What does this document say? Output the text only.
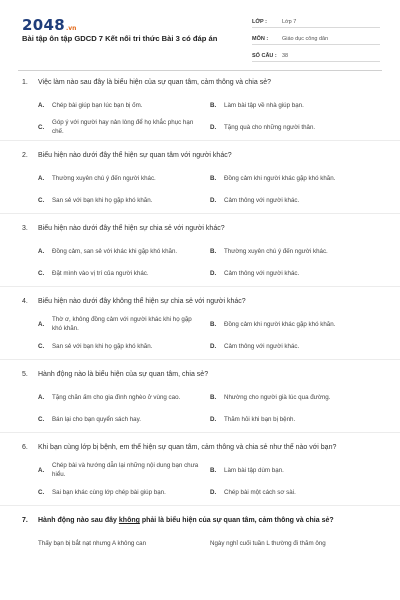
2048 .vn
Bài tập ôn tập GDCD 7 Kết nối tri thức Bài 3 có đáp án
LỚP :	Lớp 7
MÔN :	Giáo dục công dân
SỐ CÂU : 38
1.	Việc làm nào sau đây là biểu hiện của sự quan tâm, cảm thông và chia sẻ?
A.	Chép bài giúp bạn lúc bạn bị ốm.	B.	Làm bài tập về nhà giúp bạn.
C.
Góp ý với người hay nản lòng để họ khắc phục hạn chế.
D.	Tặng quà cho những người thân.
2.	Biểu hiện nào dưới đây thể hiện sự quan tâm với người khác?
A.	Thường xuyên chú ý đến người khác.	B.	Đồng cảm khi người khác gặp khó khăn.
C.	San sẻ với bạn khi họ gặp khó khăn.	D.	Cảm thông với người khác.
3.	Biểu hiện nào dưới đây thể hiện sự chia sẻ với người khác?
A.	Đồng cảm, san sẻ với khác khi gặp khó khăn.	B.	Thường xuyên chú ý đến người khác.
C.	Đặt mình vào vị trí của người khác.	D.	Cảm thông với người khác.
4.	Biểu hiện nào dưới đây không thể hiện sự chia sẻ với người khác?
A.
Thờ ơ, không đồng cảm với người khác khi họ gặp khó khăn.
B.	Đồng cảm khi người khác gặp khó khăn.
C.	San sẻ với bạn khi họ gặp khó khăn.	D.	Cảm thông với người khác.
5.	Hành động nào là biểu hiện của sự quan tâm, chia sẻ?
A.	Tặng chăn ấm cho gia đình nghèo ở vùng cao.	B.	Nhường cho người già lúc qua đường.
C.	Bán lại cho bạn quyển sách hay.	D.	Thăm hỏi khi bạn bị bệnh.
6.	Khi bạn cùng lớp bị bệnh, em thể hiện sự quan tâm, cảm thông và chia sẻ như thế nào với bạn?
A.
Chép bài và hướng dẫn lại những nội dung bạn chưa hiểu.
B.	Làm bài tập dùm bạn.
C.	Sai bạn khác cùng lớp chép bài giúp bạn.	D.	Chép bài một cách sơ sài.
7.	Hành động nào sau đây không phải là biểu hiện của sự quan tâm, cảm thông và chia sẻ?
Thấy bạn bị bắt nạt nhưng A không can	Ngày nghỉ cuối tuần L thường đi thăm ông
